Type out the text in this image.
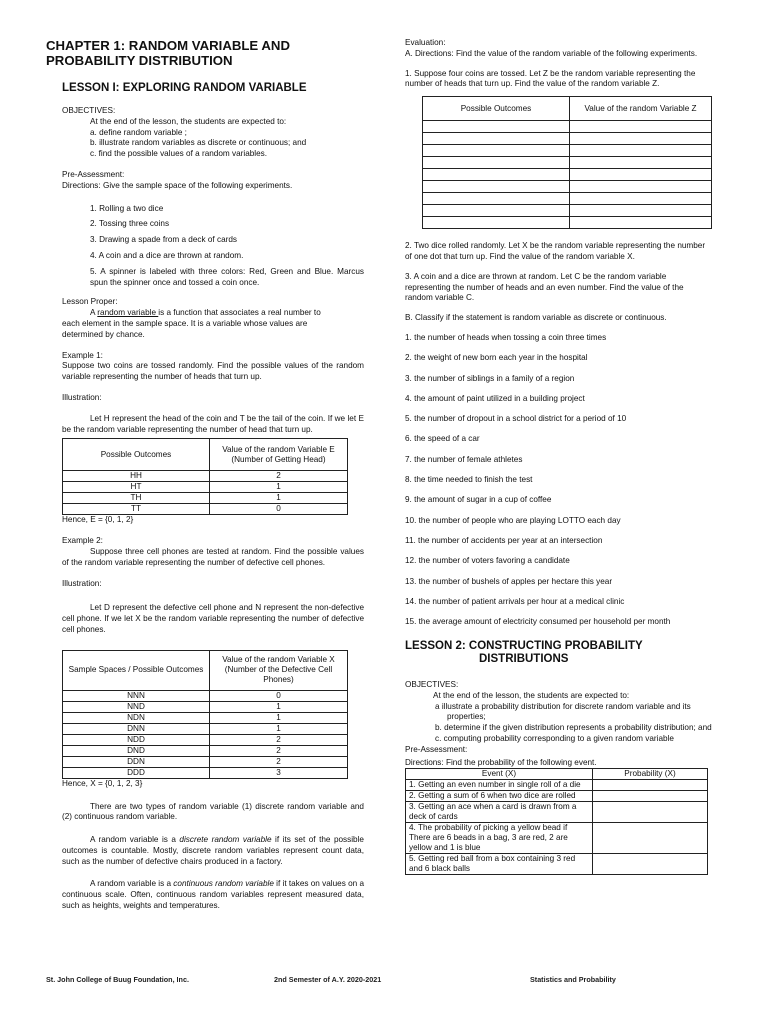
CHAPTER 1: RANDOM VARIABLE AND

PROBABILITY DISTRIBUTION

LESSON I: EXPLORING RANDOM VARIABLE

OBJECTIVES:

At the end of the lesson, the students are expected to:

a. define random variable ;

b. illustrate random variables as discrete or continuous; and

c. find the possible values of a random variables.

Pre-Assessment:

Directions: Give the sample space of the following experiments.

1. Rolling a two dice

2. Tossing three coins

3. Drawing a spade from a deck of cards

4. A coin and a dice are thrown at random.

5. A spinner is labeled with three colors: Red, Green and Blue. Marcus spun the spinner once and tossed a coin once.

Lesson Proper:

A random variable is a function that associates a real number to each element in the sample space. It is a variable whose values are determined by chance.

Example 1:

Suppose two coins are tossed randomly. Find the possible values of the random variable representing the number of heads that turn up.

Illustration:

Let H represent the head of the coin and T be the tail of the coin. If we let E be the random variable representing the number of head that turn up.

Possible Outcomes	Value of the random Variable E (Number of Getting Head)
HH	2
HT	1
TH	1
TT	0

Hence, E = {0, 1, 2}

Example 2:

Suppose three cell phones are tested at random. Find the possible values of the random variable representing the number of defective cell phones.

Illustration:

Let D represent the defective cell phone and N represent the non-defective cell phone. If we let X be the random variable representing the number of defective cell phones.

Sample Spaces / Possible Outcomes	Value of the random Variable X (Number of the Defective Cell Phones)
NNN	0
NND	1
NDN	1
DNN	1
NDD	2
DND	2
DDN	2
DDD	3

Hence, X = {0, 1, 2, 3}

There are two types of random variable (1) discrete random variable and (2) continuous random variable.

A random variable is a discrete random variable if its set of the possible outcomes is countable. Mostly, discrete random variables represent count data, such as the number of defective chairs produced in a factory.

A random variable is a continuous random variable if it takes on values on a continuous scale. Often, continuous random variables represent measured data, such as heights, weights and temperatures.

Evaluation:

A. Directions: Find the value of the random variable of the following experiments.

1. Suppose four coins are tossed. Let Z be the random variable representing the number of heads that turn up. Find the value of the random variable Z.

Possible Outcomes	Value of the random Variable Z

2. Two dice rolled randomly. Let X be the random variable representing the number of one dot that turn up. Find the value of the random variable X.

3. A coin and a dice are thrown at random. Let C be the random variable representing the number of heads and an even number. Find the value of the random variable C.

B. Classify if the statement is random variable as discrete or continuous.

1. the number of heads when tossing a coin three times

2. the weight of new born each year in the hospital

3. the number of siblings in a family of a region

4. the amount of paint utilized in a building project

5. the number of dropout in a school district for a period of 10

6. the speed of a car

7. the number of female athletes

8. the time needed to finish the test

9. the amount of sugar in a cup of coffee

10. the number of people who are playing LOTTO each day

11. the number of accidents per year at an intersection

12. the number of voters favoring a candidate

13. the number of bushels of apples per hectare this year

14. the number of patient arrivals per hour at a medical clinic

15. the average amount of electricity consumed per household per month

LESSON 2: CONSTRUCTING PROBABILITY

DISTRIBUTIONS

OBJECTIVES:

At the end of the lesson, the students are expected to:

a illustrate a probability distribution for discrete random variable and its properties;

b. determine if the given distribution represents a probability distribution; and

c. computing probability corresponding to a given random variable

Pre-Assessment:

Directions: Find the probability of the following event.

Event (X)	Probability (X)
1. Getting an even number in single roll of a die	
2. Getting a sum of 6 when two dice are rolled	
3. Getting an ace when a card is drawn from a deck of cards	
4. The probability of picking a yellow bead if There are 6 beads in a bag, 3 are red, 2 are yellow and 1 is blue	
5. Getting red ball from a box containing 3 red and 6 black balls	
St. John College of Buug Foundation, Inc.	2nd Semester of A.Y. 2020-2021	Statistics and Probability
